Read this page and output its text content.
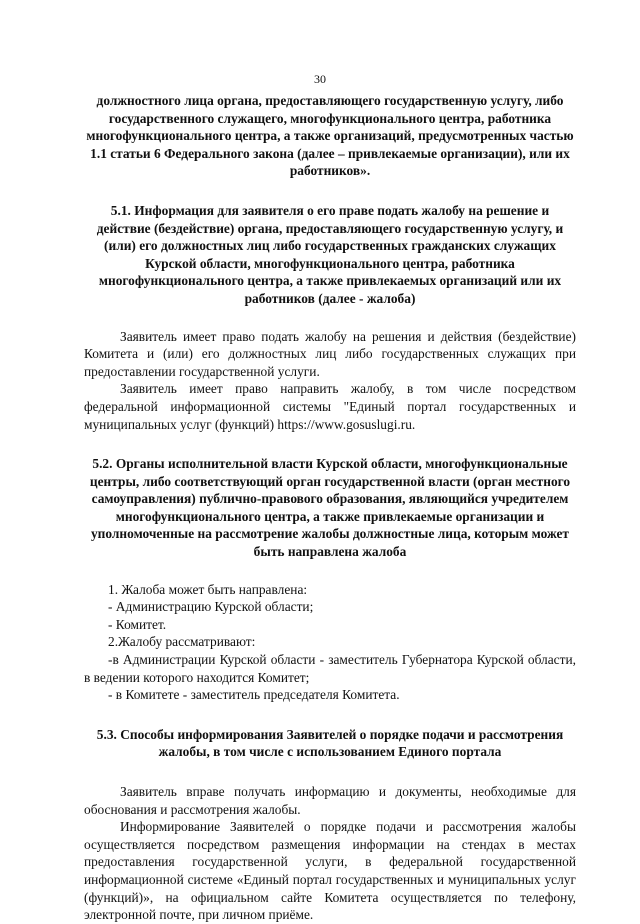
30

должностного лица органа, предоставляющего государственную услугу, либо государственного служащего, многофункционального центра, работника многофункционального центра, а также организаций, предусмотренных частью 1.1 статьи 6 Федерального закона (далее – привлекаемые организации), или их работников».

5.1. Информация для заявителя о его праве подать жалобу на решение и действие (бездействие) органа, предоставляющего государственную услугу, и (или) его должностных лиц либо государственных гражданских служащих Курской области, многофункционального центра, работника многофункционального центра, а также привлекаемых организаций или их работников (далее - жалоба)

Заявитель имеет право подать жалобу на решения и действия (бездействие) Комитета и (или) его должностных лиц либо государственных служащих при предоставлении государственной услуги.

Заявитель имеет право направить жалобу, в том числе посредством федеральной информационной системы "Единый портал государственных и муниципальных услуг (функций) https://www.gosuslugi.ru.

5.2. Органы исполнительной власти Курской области, многофункциональные центры, либо соответствующий орган государственной власти (орган местного самоуправления) публично-правового образования, являющийся учредителем многофункционального центра, а также привлекаемые организации и уполномоченные на рассмотрение жалобы должностные лица, которым может быть направлена жалоба

1. Жалоба может быть направлена:

- Администрацию Курской области;

- Комитет.

2.Жалобу рассматривают:

-в Администрации Курской области - заместитель Губернатора Курской области, в ведении которого находится Комитет;

- в Комитете - заместитель председателя Комитета.

5.3. Способы информирования Заявителей о порядке подачи и рассмотрения жалобы, в том числе с использованием Единого портала

Заявитель вправе получать информацию и документы, необходимые для обоснования и рассмотрения жалобы.

Информирование Заявителей о порядке подачи и рассмотрения жалобы осуществляется посредством размещения информации на стендах в местах предоставления государственной услуги, в федеральной государственной информационной системе «Единый портал государственных и муниципальных услуг (функций)», на официальном сайте Комитета осуществляется по телефону, электронной почте, при личном приёме.
